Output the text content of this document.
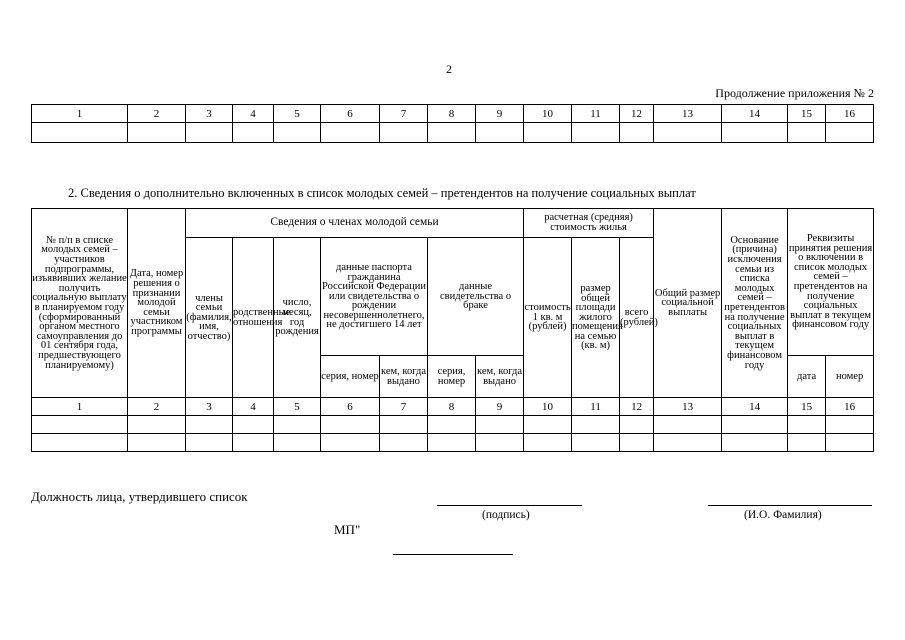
2
Продолжение приложения № 2
1	2	3	4	5	6	7	8	9	10	11	12	13	14	15	16

2. Сведения о дополнительно включенных в список молодых семей – претендентов на получение социальных выплат
№ п/п в списке молодых семей – участников подпрограммы, изъявивших желание получить социальную выплату в планируемом году (сформированный органом местного самоуправления до 01 сентября года, предшествующего планируемому)	Дата, номер решения о признании молодой семьи участником программы	Сведения о членах молодой семьи							расчетная (средняя) стоимость жилья			Общий размер социальной выплаты	Основание (причина) исключения семьи из списка молодых семей – претендентов на получение социальных выплат в текущем финансовом году	Реквизиты принятия решения о включении в список молодых семей – претендентов на получение социальных выплат в текущем финансовом году	
		члены семьи (фамилия, имя, отчество)	родственные отношения	число, месяц, год рождения	данные паспорта гражданина Российской Федерации или свидетельства о рождении несовершеннолетнего, не достигшего 14 лет		данные свидетельства о браке		стоимость 1 кв. м (рублей)	размер общей площади жилого помещения на семью (кв. м)	всего (рублей)				
					серия, номер	кем, когда выдано	серия, номер	кем, когда выдано						дата	номер
1	2	3	4	5	6	7	8	9	10	11	12	13	14	15	16

Должность лица, утвердившего список
(подпись)	(И.О. Фамилия)
МП"
